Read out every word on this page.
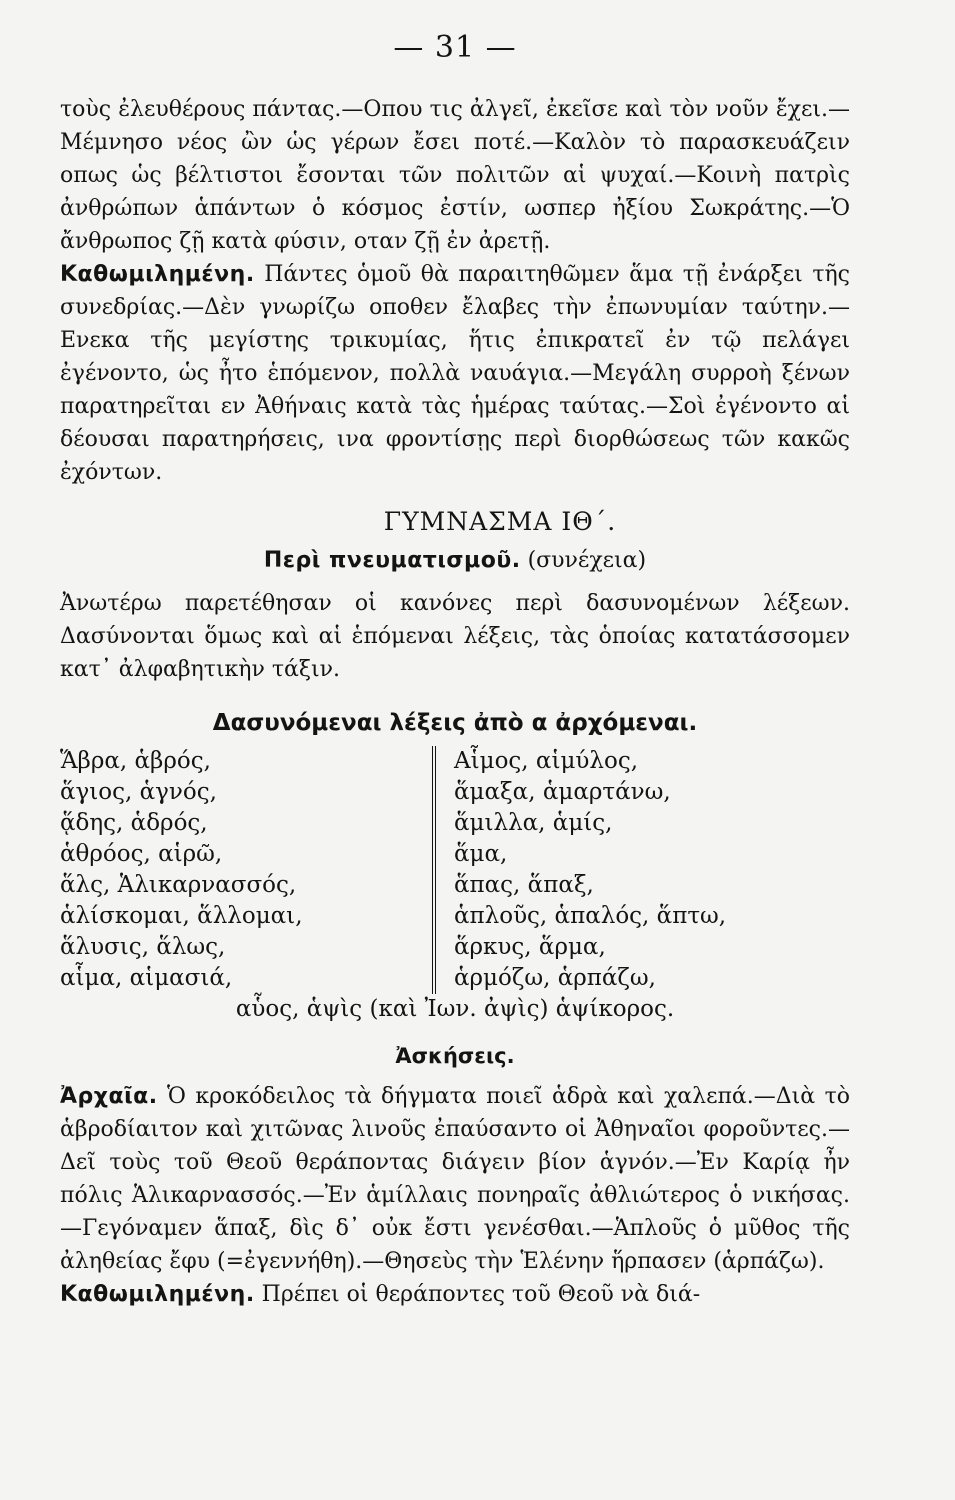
— 31 —

τοὺς ἐλευθέρους πάντας.—Οπου τις ἀλγεῖ, ἐκεῖσε καὶ τὸν νοῦν ἔχει.—Μέμνησο νέος ὢν ὡς γέρων ἔσει ποτέ.—Καλὸν τὸ παρασκευάζειν οπως ὡς βέλτιστοι ἔσονται τῶν πολιτῶν αἱ ψυχαί.—Κοινὴ πατρὶς ἀνθρώπων ἁπάντων ὁ κόσμος ἐστίν, ωσπερ ἠξίου Σωκράτης.—Ὁ ἄνθρωπος ζῇ κατὰ φύσιν, οταν ζῇ ἐν ἀρετῇ.

Καθωμιλημένη. Πάντες ὁμοῦ θὰ παραιτηθῶμεν ἅμα τῇ ἐνάρξει τῆς συνεδρίας.—Δὲν γνωρίζω οποθεν ἔλαβες τὴν ἐπωνυμίαν ταύτην.—Ενεκα τῆς μεγίστης τρικυμίας, ἥτις ἐπικρατεῖ ἐν τῷ πελάγει ἐγένοντο, ὡς ἦτο ἑπόμενον, πολλὰ ναυάγια.—Μεγάλη συρροὴ ξένων παρατηρεῖται εν Ἀθήναις κατὰ τὰς ἡμέρας ταύτας.—Σοὶ ἐγένοντο αἱ δέουσαι παρατηρήσεις, ινα φροντίσῃς περὶ διορθώσεως τῶν κακῶς ἐχόντων.

ΓΥΜΝΑΣΜΑ ΙΘ΄.
Περὶ πνευματισμοῦ. (συνέχεια)

Ἀνωτέρω παρετέθησαν οἱ κανόνες περὶ δασυνομένων λέξεων. Δασύνονται ὅμως καὶ αἱ ἑπόμεναι λέξεις, τὰς ὁποίας κατατάσσομεν κατ᾽ ἀλφαβητικὴν τάξιν.

Δασυνόμεναι λέξεις ἀπὸ α ἀρχόμεναι.
Ἅβρα, ἁβρός,
ἅγιος, ἁγνός,
ᾅδης, ἁδρός,
ἁθρόος, αἱρῶ,
ἅλς, Ἁλικαρνασσός,
ἁλίσκομαι, ἅλλομαι,
ἅλυσις, ἅλως,
αἷμα, αἱμασιά,
Αἷμος, αἱμύλος,
ἅμαξα, ἁμαρτάνω,
ἅμιλλα, ἁμίς,
ἅμα,
ἅπας, ἅπαξ,
ἁπλοῦς, ἁπαλός, ἅπτω,
ἅρκυς, ἅρμα,
ἁρμόζω, ἁρπάζω,
αὗος, ἁψὶς (καὶ Ἰων. ἀψὶς) ἁψίκορος.
Ἀσκήσεις.

Ἀρχαῖα. Ὁ κροκόδειλος τὰ δήγματα ποιεῖ ἁδρὰ καὶ χαλεπά.—Διὰ τὸ ἁβροδίαιτον καὶ χιτῶνας λινοῦς ἐπαύσαντο οἱ Ἀθηναῖοι φοροῦντες.—Δεῖ τοὺς τοῦ Θεοῦ θεράποντας διάγειν βίον ἁγνόν.—Ἐν Καρίᾳ ἦν πόλις Ἁλικαρνασσός.—Ἐν ἁμίλλαις πονηραῖς ἀθλιώτερος ὁ νικήσας.—Γεγόναμεν ἅπαξ, δὶς δ᾽ οὐκ ἔστι γενέσθαι.—Ἁπλοῦς ὁ μῦθος τῆς ἀληθείας ἔφυ (=ἐγεννήθη).—Θησεὺς τὴν Ἑλένην ἥρπασεν (ἁρπάζω).

Καθωμιλημένη. Πρέπει οἱ θεράποντες τοῦ Θεοῦ νὰ διά-
